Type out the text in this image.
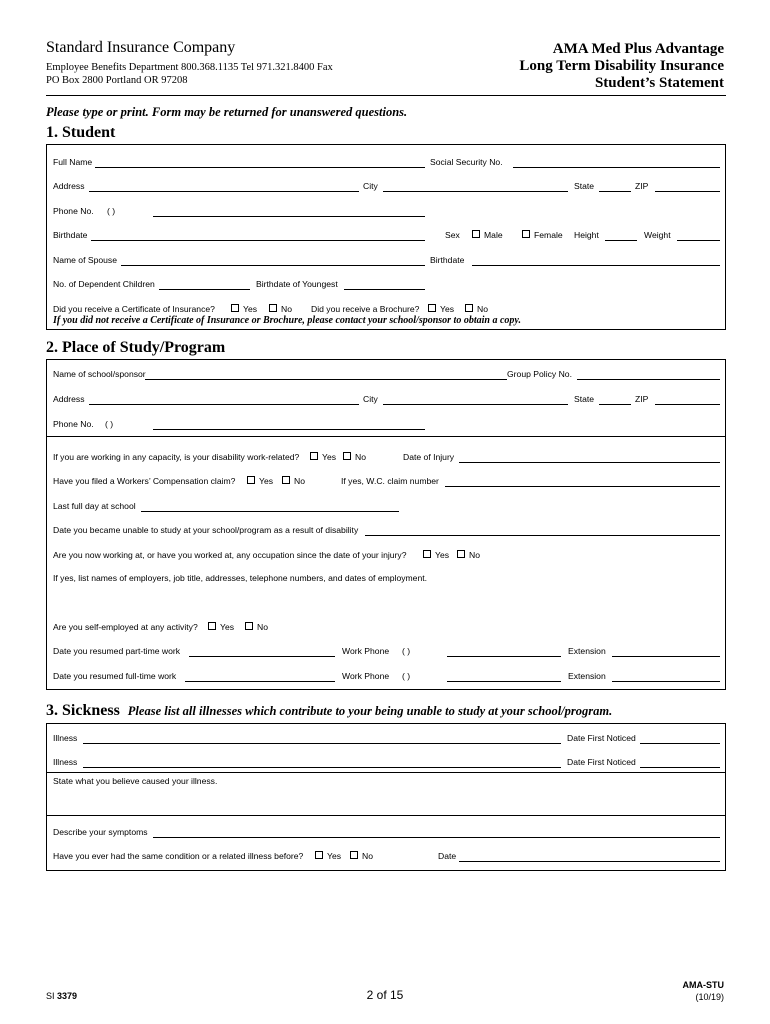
Standard Insurance Company
Employee Benefits Department 800.368.1135 Tel 971.321.8400 Fax
PO Box 2800 Portland OR 97208
AMA Med Plus Advantage
Long Term Disability Insurance
Student’s Statement
Please type or print. Form may be returned for unanswered questions.
1. Student
Full Name	Social Security No.
Address	City	State	ZIP
Phone No. ( )
Birthdate	Sex	Male	Female Height	Weight
Name of Spouse	Birthdate
No. of Dependent Children	Birthdate of Youngest
Did you receive a Certificate of Insurance?	Yes	No Did you receive a Brochure? Yes	No
If you did not receive a Certificate of Insurance or Brochure, please contact your school/sponsor to obtain a copy.
2. Place of Study/Program
Name of school/sponsor	Group Policy No.
Address	City	State	ZIP
Phone No. ( )
If you are working in any capacity, is your disability work-related?	Yes No	Date of Injury
Have you filed a Workers’ Compensation claim?	Yes No	If yes, W.C. claim number
Last full day at school
Date you became unable to study at your school/program as a result of disability
Are you now working at, or have you worked at, any occupation since the date of your injury?	Yes No
If yes, list names of employers, job title, addresses, telephone numbers, and dates of employment.
Are you self-employed at any activity?	Yes	No
Date you resumed part-time work	Work Phone ( )	Extension
Date you resumed full-time work	Work Phone ( )	Extension
3. Sickness Please list all illnesses which contribute to your being unable to study at your school/program.
Illness	Date First Noticed
Illness	Date First Noticed
State what you believe caused your illness.
Describe your symptoms
Have you ever had the same condition or a related illness before?	Yes No	Date
SI 3379	2 of 15
AMA-STU
(10/19)
